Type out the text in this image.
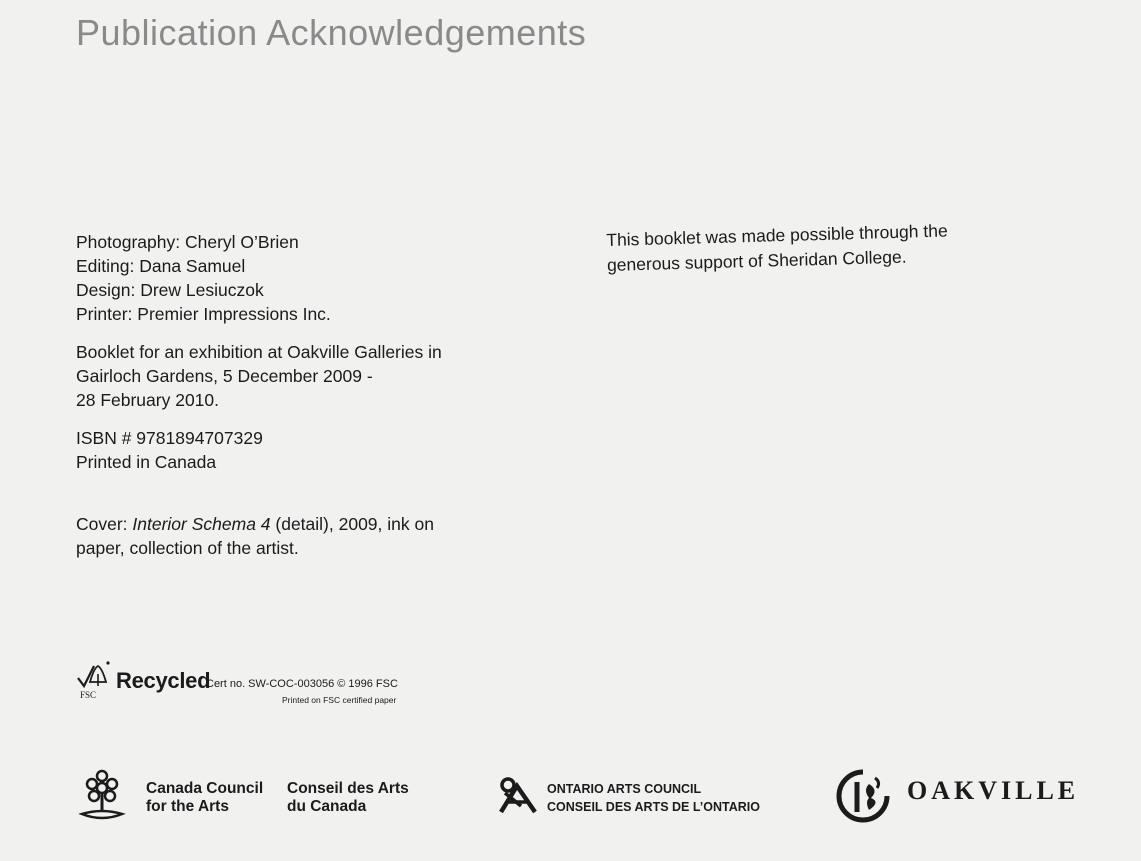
Publication Acknowledgements
Photography: Cheryl O’Brien
Editing: Dana Samuel
Design: Drew Lesiuczok
Printer: Premier Impressions Inc.
Booklet for an exhibition at Oakville Galleries in
Gairloch Gardens, 5 December 2009 -
28 February 2010.
ISBN # 9781894707329
Printed in Canada
Cover: Interior Schema 4 (detail), 2009, ink on
paper, collection of the artist.
This booklet was made possible through the
generous support of Sheridan College.
FSC
Recycled
Cert no. SW-COC-003056 © 1996 FSC
Printed on FSC certified paper
Canada Council
for the Arts
Conseil des Arts
du Canada
ONTARIO ARTS COUNCIL
CONSEIL DES ARTS DE L’ONTARIO
OAKVILLE
